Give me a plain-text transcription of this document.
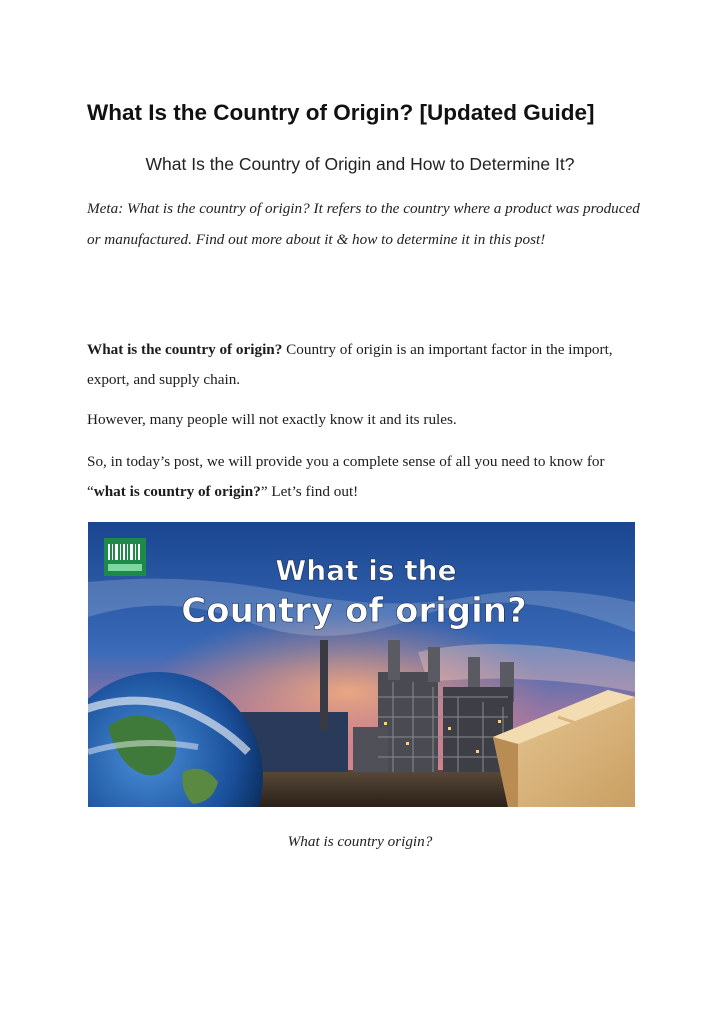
What Is the Country of Origin? [Updated Guide]
What Is the Country of Origin and How to Determine It?

Meta: What is the country of origin? It refers to the country where a product was produced or manufactured. Find out more about it & how to determine it in this post!

What is the country of origin? Country of origin is an important factor in the import, export, and supply chain.

However, many people will not exactly know it and its rules.

So, in today’s post, we will provide you a complete sense of all you need to know for “what is country of origin?” Let’s find out!

What is the
Country of origin?

What is country origin?
